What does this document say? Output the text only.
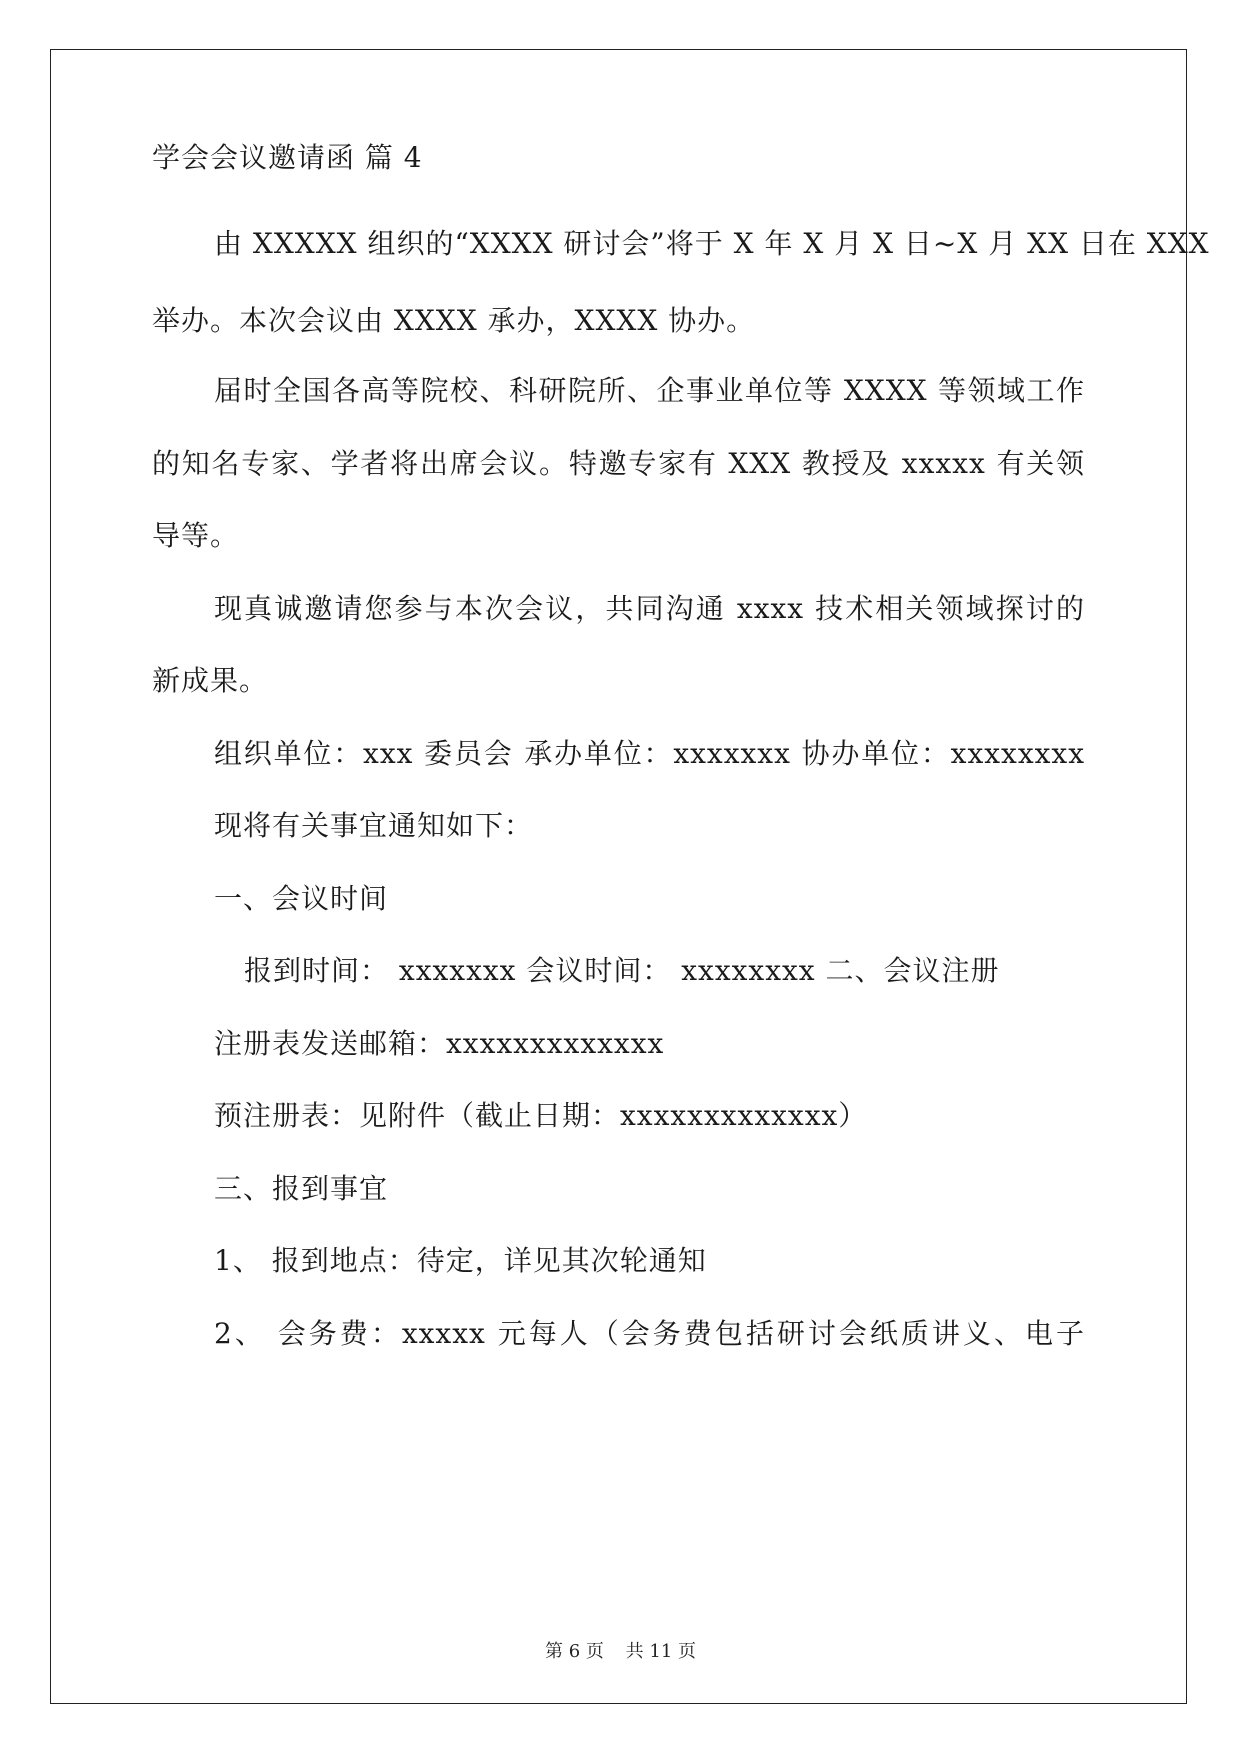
学会会议邀请函 篇 4
由 XXXXX 组织的“XXXX 研讨会”将于 X 年 X 月 X 日~X 月 XX 日在 XXX
举办。本次会议由 XXXX 承办，XXXX 协办。
届时全国各高等院校、科研院所、企事业单位等 XXXX 等领域工作
的知名专家、学者将出席会议。特邀专家有 XXX 教授及 xxxxx 有关领
导等。
现真诚邀请您参与本次会议，共同沟通 xxxx 技术相关领域探讨的
新成果。
组织单位：xxx 委员会 承办单位：xxxxxxx 协办单位：xxxxxxxx
现将有关事宜通知如下：
一、会议时间
报到时间： xxxxxxx 会议时间： xxxxxxxx 二、会议注册
注册表发送邮箱：xxxxxxxxxxxxx
预注册表：见附件（截止日期：xxxxxxxxxxxxx）
三、报到事宜
1、 报到地点：待定，详见其次轮通知
2、 会务费：xxxxx 元每人（会务费包括研讨会纸质讲义、电子
第 6 页 共 11 页
